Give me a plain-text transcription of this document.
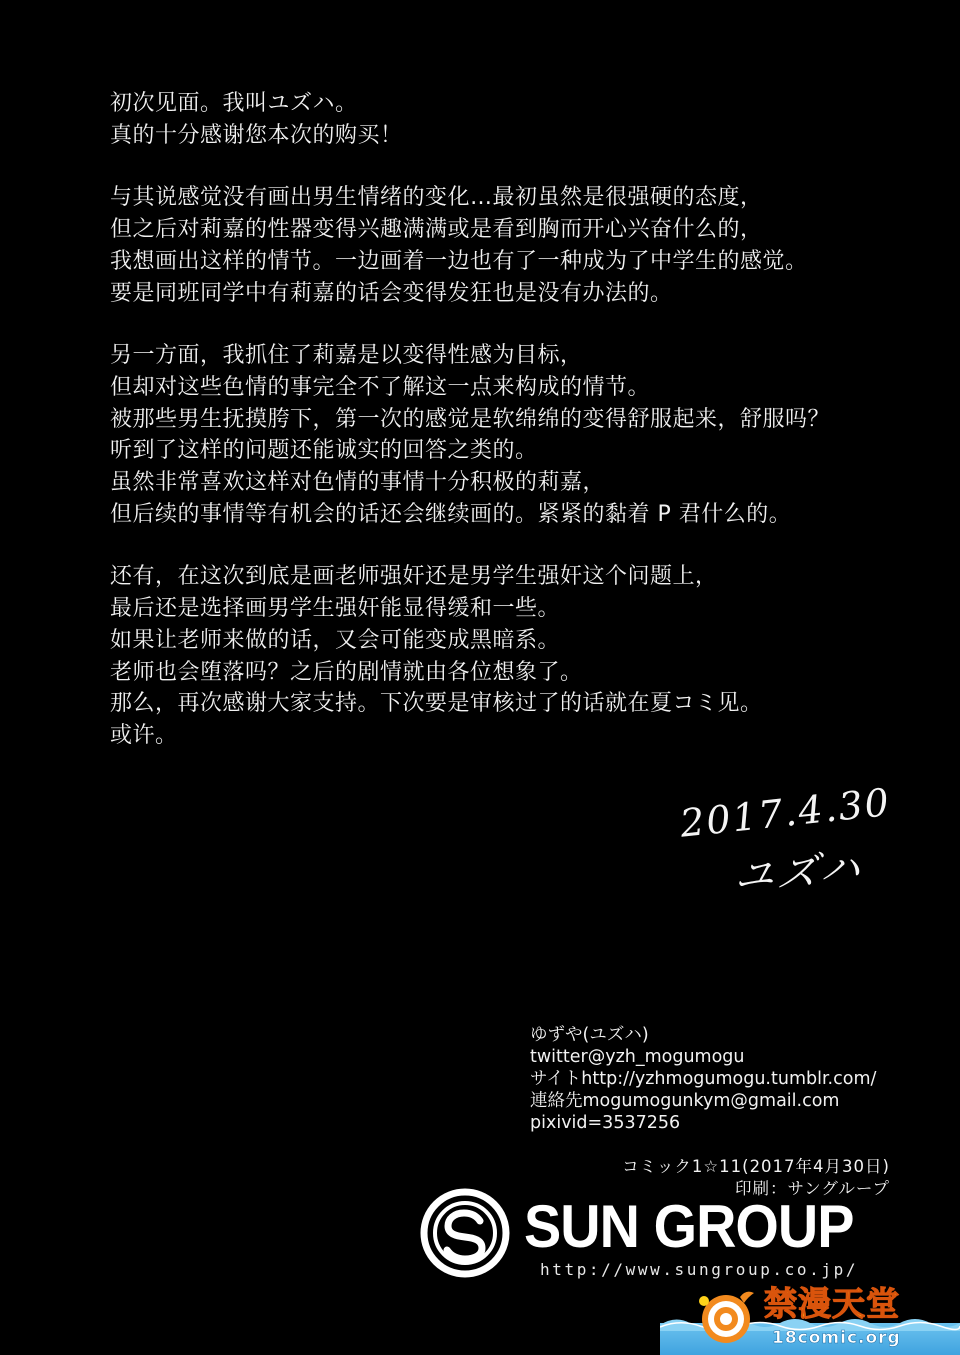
初次见面。我叫ユズハ。
真的十分感谢您本次的购买！
与其说感觉没有画出男生情绪的变化…最初虽然是很强硬的态度，
但之后对莉嘉的性器变得兴趣满满或是看到胸而开心兴奋什么的，
我想画出这样的情节。一边画着一边也有了一种成为了中学生的感觉。
要是同班同学中有莉嘉的话会变得发狂也是没有办法的。
另一方面，我抓住了莉嘉是以变得性感为目标，
但却对这些色情的事完全不了解这一点来构成的情节。
被那些男生抚摸胯下，第一次的感觉是软绵绵的变得舒服起来，舒服吗？
听到了这样的问题还能诚实的回答之类的。
虽然非常喜欢这样对色情的事情十分积极的莉嘉，
但后续的事情等有机会的话还会继续画的。紧紧的黏着 P 君什么的。
还有，在这次到底是画老师强奸还是男学生强奸这个问题上，
最后还是选择画男学生强奸能显得缓和一些。
如果让老师来做的话，又会可能变成黑暗系。
老师也会堕落吗？之后的剧情就由各位想象了。
那么，再次感谢大家支持。下次要是审核过了的话就在夏コミ见。
或许。
2017.4.30
ユズハ
ゆずや(ユズハ)
twitter@yzh_mogumogu
サイトhttp://yzhmogumogu.tumblr.com/
連絡先mogumogunkym@gmail.com
pixivid=3537256
コミック1☆11(2017年4月30日)
印刷：サングループ
SUN GROUP
http://www.sungroup.co.jp/
禁漫天堂
18comic.org
